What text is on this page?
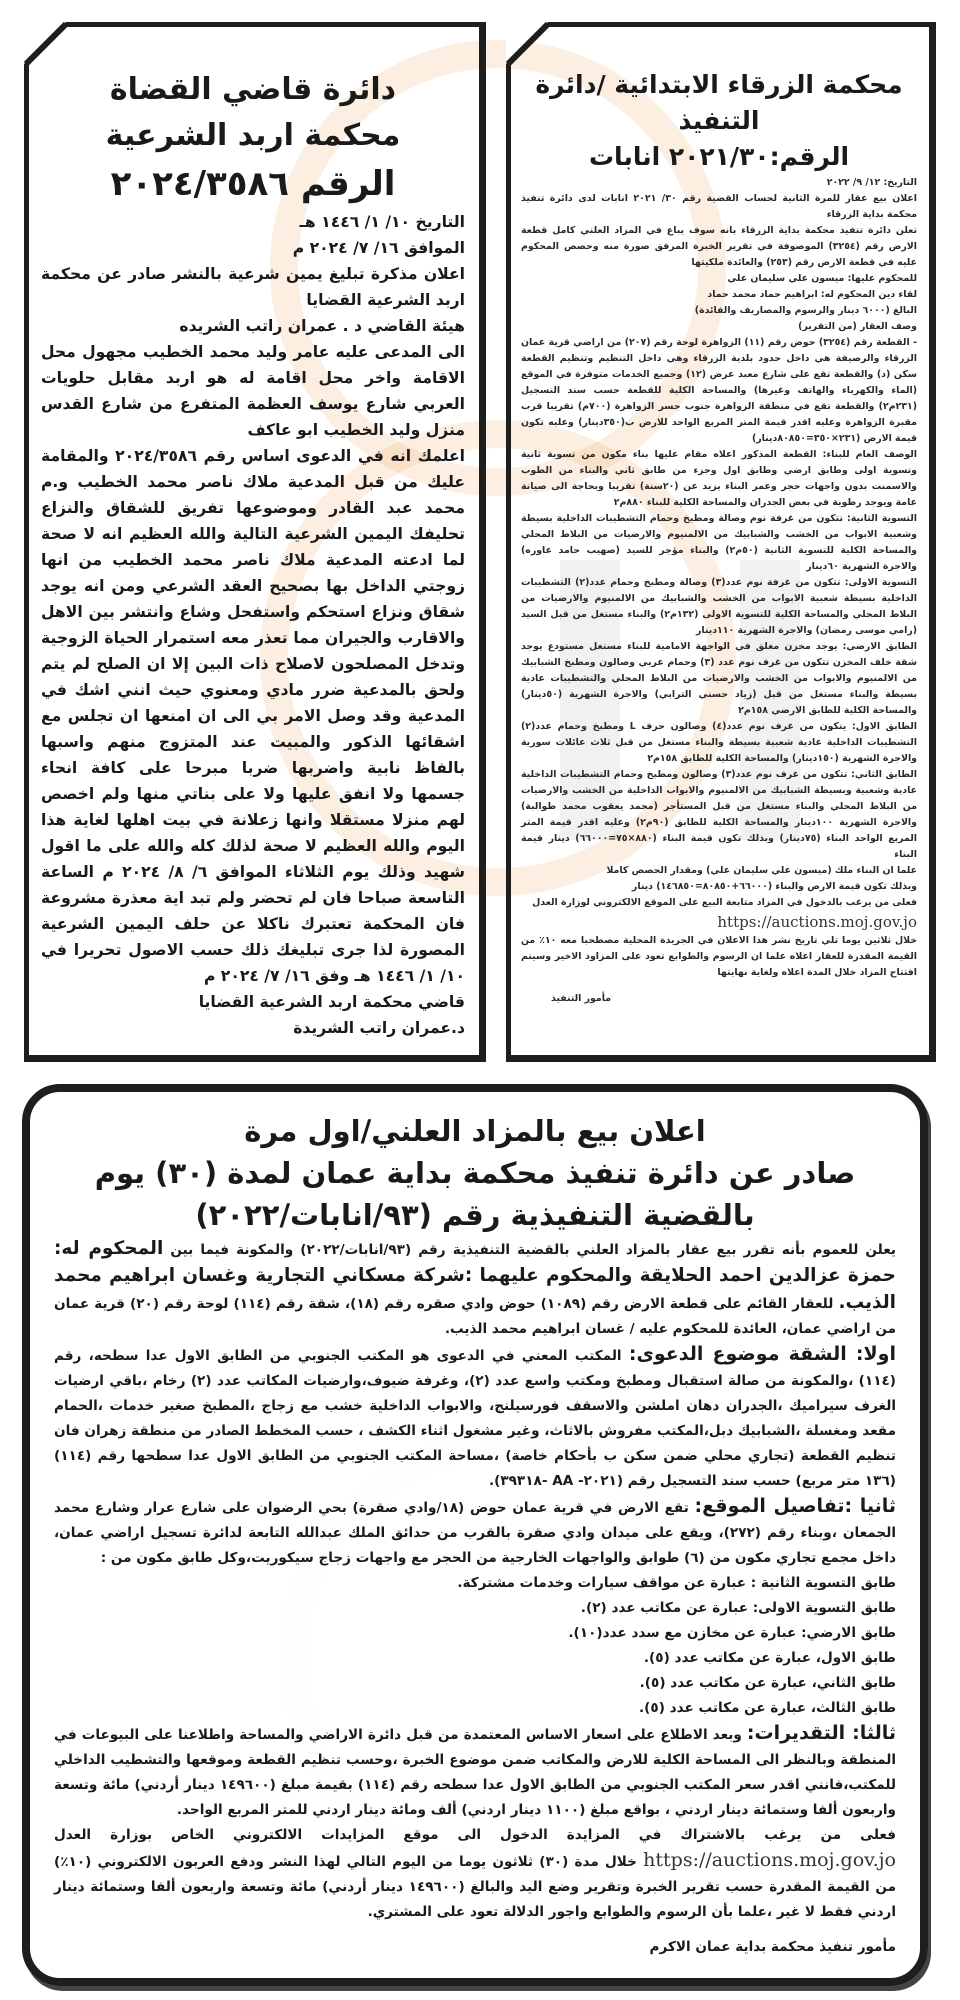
دائرة قاضي القضاة

محكمة اربد الشرعية

الرقم ٢٠٢٤/٣٥٨٦

التاريخ ١٠/ ١/ ١٤٤٦ هـ

الموافق ١٦/ ٧/ ٢٠٢٤ م

اعلان مذكرة تبليغ يمين شرعية بالنشر صادر عن محكمة اربد الشرعية القضايا

هيئة القاضي د . عمران راتب الشريده

الى المدعى عليه عامر وليد محمد الخطيب مجهول محل الاقامة واخر محل اقامة له هو اربد مقابل حلويات العربي شارع يوسف العظمة المتفرع من شارع القدس منزل وليد الخطيب ابو عاكف

اعلمك انه في الدعوى اساس رقم ٢٠٢٤/٣٥٨٦ والمقامة عليك من قبل المدعية ملاك ناصر محمد الخطيب و.م محمد عبد القادر وموضوعها تفريق للشقاق والنزاع تحليفك اليمين الشرعية التالية والله العظيم انه لا صحة لما ادعته المدعية ملاك ناصر محمد الخطيب من انها زوجتي الداخل بها بصحيح العقد الشرعي ومن انه يوجد شقاق ونزاع استحكم واستفحل وشاع وانتشر بين الاهل والاقارب والجيران مما تعذر معه استمرار الحياة الزوجية وتدخل المصلحون لاصلاح ذات البين إلا ان الصلح لم يتم ولحق بالمدعية ضرر مادي ومعنوي حيث انني اشك في المدعية وقد وصل الامر بي الى ان امنعها ان تجلس مع اشقائها الذكور والمبيت عند المتزوج منهم واسبها بالفاظ نابية واضربها ضربا مبرحا على كافة انحاء جسمها ولا انفق عليها ولا على بناتي منها ولم اخصص لهم منزلا مستقلا وانها زعلانة في بيت اهلها لغاية هذا اليوم والله العظيم لا صحة لذلك كله والله على ما اقول شهيد وذلك يوم الثلاثاء الموافق ٦/ ٨/ ٢٠٢٤ م الساعة التاسعة صباحا فان لم تحضر ولم تبد اية معذرة مشروعة فان المحكمة تعتبرك ناكلا عن حلف اليمين الشرعية المصورة لذا جرى تبليغك ذلك حسب الاصول تحريرا في ١٠/ ١/ ١٤٤٦ هـ وفق ١٦/ ٧/ ٢٠٢٤ م

قاضي محكمة اربد الشرعية القضايا

د.عمران راتب الشريدة

محكمة الزرقاء الابتدائية /دائرة التنفيذ

الرقم:٢٠٢١/٣٠ انابات

التاريخ: ١٢/ ٩/ ٢٠٢٢

اعلان بيع عقار للمرة الثانية لحساب القضية رقم ٣٠/ ٢٠٢١ انابات لدى دائرة تنفيذ محكمة بداية الزرقاء

تعلن دائرة تنفيذ محكمة بداية الزرقاء بانه سوف يباع في المزاد العلني كامل قطعة الارض رقم (٣٢٥٤) الموصوفة في تقرير الخبرة المرفق صورة منه وحصص المحكوم عليه في قطعة الارض رقم (٢٥٣) والعائدة ملكيتها

للمحكوم عليها: ميسون علي سليمان علي

لقاء دين المحكوم له: ابراهيم حماد محمد حماد

البالغ (٦٠٠٠ دينار والرسوم والمصاريف والفائدة)

وصف العقار (من التقرير)

- القطعة رقم (٣٢٥٤) حوض رقم (١١) الزواهرة لوحة رقم (٢٠٧) من اراضي قرية عمان الزرقاء والرصيفة هي داخل حدود بلدية الزرقاء وهي داخل التنظيم وتنظيم القطعة سكن (د) والقطعة تقع على شارع معبد عرض (١٢) وجميع الخدمات متوفرة في الموقع (الماء والكهرباء والهاتف وغيرها) والمساحة الكلية للقطعة حسب سند التسجيل (٢٣١م٢) والقطعة تقع في منطقة الزواهرة جنوب جسر الزواهرة (٧٠٠م) تقريبا قرب مقبرة الزواهرة وعليه اقدر قيمة المتر المربع الواحد للارض ب(٣٥٠دينار) وعليه تكون قيمة الارض (٢٣١×٣٥٠=٨٠٨٥٠دينار)

الوصف العام للبناء: القطعة المذكور اعلاه مقام عليها بناء مكون من تسوية ثانية وتسوية اولى وطابق ارضي وطابق اول وجزء من طابق ثاني والبناء من الطوب والاسمنت بدون واجهات حجر وعمر البناء يزيد عن (٢٠سنة) تقريبا وبحاجة الى صيانة عامة ويوجد رطوبة في بعض الجدران والمساحة الكلية للبناء ٨٨٠م٢

التسوية الثانية: تتكون من غرفة نوم وصالة ومطبخ وحمام التشطيبات الداخلية بسيطة وشعبية الابواب من الخشب والشبابيك من الالمنيوم والارضيات من البلاط المحلي والمساحة الكلية للتسوية الثانية (٥٠م٢) والبناء مؤجر للسيد (صهيب حامد عاوره) والاجرة الشهرية ٦٠دينار

التسوية الاولى: تتكون من غرفة نوم عدد(٣) وصالة ومطبخ وحمام عدد(٢) التشطيبات الداخلية بسيطة شعبية الابواب من الخشب والشبابيك من الالمنيوم والارضيات من البلاط المحلي والمساحة الكلية للتسوية الاولى (١٣٢م٢) والبناء مستغل من قبل السيد (رامي موسى رمضان) والاجرة الشهرية ١١٠دينار

الطابق الارضي: يوجد مخزن مغلق في الواجهة الامامية للبناء مستغل مستودع يوجد شقة خلف المخزن تتكون من غرف نوم عدد (٣) وحمام عربي وصالون ومطبخ الشبابيك من الالمنيوم والابواب من الخشب والارضيات من البلاط المحلي والتشطيبات عادية بسيطة والبناء مستغل من قبل (زياد حسني الترابي) والاجرة الشهرية (٥٠دينار) والمساحة الكلية للطابق الارضي ١٥٨م٢

الطابق الاول: يتكون من غرف نوم عدد(٤) وصالون حرف L ومطبخ وحمام عدد(٢) التشطيبات الداخلية عادية شعبية بسيطة والبناء مستغل من قبل ثلاث عائلات سورية والاجرة الشهرية (١٥٠دينار) والمساحة الكلية للطابق ١٥٨م٢

الطابق الثاني: تتكون من غرف نوم عدد(٣) وصالون ومطبخ وحمام التشطيبات الداخلية عادية وشعبية وبسيطة الشبابيك من الالمنيوم والابواب الداخلية من الخشب والارضيات من البلاط المحلي والبناء مستغل من قبل المستأجر (محمد يعقوب محمد طوالبة) والاجرة الشهرية ١٠٠دينار والمساحة الكلية للطابق (٩٠م٢) وعليه اقدر قيمة المتر المربع الواحد البناء (٧٥دينار) وبذلك تكون قيمة البناء (٨٨٠×٧٥=٦٦٠٠٠) دينار قيمة البناء

علما ان البناء ملك (ميسون علي سليمان علي) ومقدار الحصص كاملا

وبذلك تكون قيمة الارض والبناء (٦٦٠٠٠+٨٠٨٥٠=١٤٦٨٥٠) دينار

فعلى من يرغب بالدخول في المزاد متابعة البيع على الموقع الالكتروني لوزارة العدل

https://auctions.moj.gov.jo

خلال ثلاثين يوما تلي تاريخ نشر هذا الاعلان في الجريدة المحلية مصطحبا معه ١٠٪ من القيمة المقدرة للعقار اعلاه علما ان الرسوم والطوابع تعود على المزاود الاخير وسيتم افتتاح المزاد خلال المدة اعلاه ولغاية نهايتها

مأمور التنفيذ

اعلان بيع بالمزاد العلني/اول مرة

صادر عن دائرة تنفيذ محكمة بداية عمان لمدة (٣٠) يوم

بالقضية التنفيذية رقم (٩٣/انابات/٢٠٢٢)

يعلن للعموم بأنه تقرر بيع عقار بالمزاد العلني بالقضية التنفيذية رقم (٩٣/انابات/٢٠٢٢) والمكونة فيما بين المحكوم له: حمزة عزالدين احمد الحلايقة والمحكوم عليهما :شركة مسكاني التجارية وغسان ابراهيم محمد الذيب. للعقار القائم على قطعة الارض رقم (١٠٨٩) حوض وادي صقره رقم (١٨)، شقة رقم (١١٤) لوحة رقم (٢٠) قرية عمان من اراضي عمان، العائدة للمحكوم عليه / غسان ابراهيم محمد الذيب.

اولا: الشقة موضوع الدعوى: المكتب المعني في الدعوى هو المكتب الجنوبي من الطابق الاول عدا سطحه، رقم (١١٤) ،والمكونة من صالة استقبال ومطبخ ومكتب واسع عدد (٢)، وغرفة ضيوف،وارضيات المكاتب عدد (٢) رخام ،باقي ارضيات الغرف سيراميك ،الجدران دهان املشن والاسقف فورسيلنج، والابواب الداخلية خشب مع زجاج ،المطبخ صغير خدمات ،الحمام مقعد ومغسلة ،الشبابيك دبل،المكتب مفروش بالاثاث، وغير مشغول اثناء الكشف ، حسب المخطط الصادر من منطقة زهران فان تنظيم القطعة (تجاري محلي ضمن سكن ب بأحكام خاصة) ،مساحة المكتب الجنوبي من الطابق الاول عدا سطحها رقم (١١٤) (١٣٦ متر مربع) حسب سند التسجيل رقم (٢٠٢١- AA -٣٩٣١٨).

ثانيا :تفاصيل الموقع: تقع الارض في قرية عمان حوض (١٨/وادي صقرة) بحي الرضوان على شارع عرار وشارع محمد الجمعان ،وبناء رقم (٢٧٢)، ويقع على ميدان وادي صقرة بالقرب من حدائق الملك عبدالله التابعة لدائرة تسجيل اراضي عمان، داخل مجمع تجاري مكون من (٦) طوابق والواجهات الخارجية من الحجر مع واجهات زجاج سيكوريت،وكل طابق مكون من :

طابق التسوية الثانية : عبارة عن مواقف سيارات وخدمات مشتركة.

طابق التسوية الاولى: عبارة عن مكاتب عدد (٢).

طابق الارضي: عبارة عن مخازن مع سدد عدد(١٠).

طابق الاول، عبارة عن مكاتب عدد (٥).

طابق الثاني، عبارة عن مكاتب عدد (٥).

طابق الثالث، عبارة عن مكاتب عدد (٥).

ثالثا: التقديرات: وبعد الاطلاع على اسعار الاساس المعتمدة من قبل دائرة الاراضي والمساحة واطلاعنا على البيوعات في المنطقة وبالنظر الى المساحة الكلية للارض والمكاتب ضمن موضوع الخبرة ،وحسب تنظيم القطعة وموقعها والتشطيب الداخلي للمكتب،فانني اقدر سعر المكتب الجنوبي من الطابق الاول عدا سطحه رقم (١١٤) بقيمة مبلغ (١٤٩٦٠٠ دينار أردني) مائة وتسعة واربعون ألفا وستمائة دينار اردني ، بواقع مبلغ (١١٠٠ دينار اردني) ألف ومائة دينار اردني للمتر المربع الواحد.

فعلى من يرغب بالاشتراك في المزايدة الدخول الى موقع المزايدات الالكتروني الخاص بوزارة العدل https://auctions.moj.gov.jo خلال مدة (٣٠) ثلاثون يوما من اليوم التالي لهذا النشر ودفع العربون الالكتروني (١٠٪) من القيمة المقدرة حسب تقرير الخبرة وتقرير وضع اليد والبالغ (١٤٩٦٠٠ دينار أردني) مائة وتسعة واربعون ألفا وستمائة دينار اردني فقط لا غير ،علما بأن الرسوم والطوابع واجور الدلالة تعود على المشتري.

مأمور تنفيذ محكمة بداية عمان الاكرم
